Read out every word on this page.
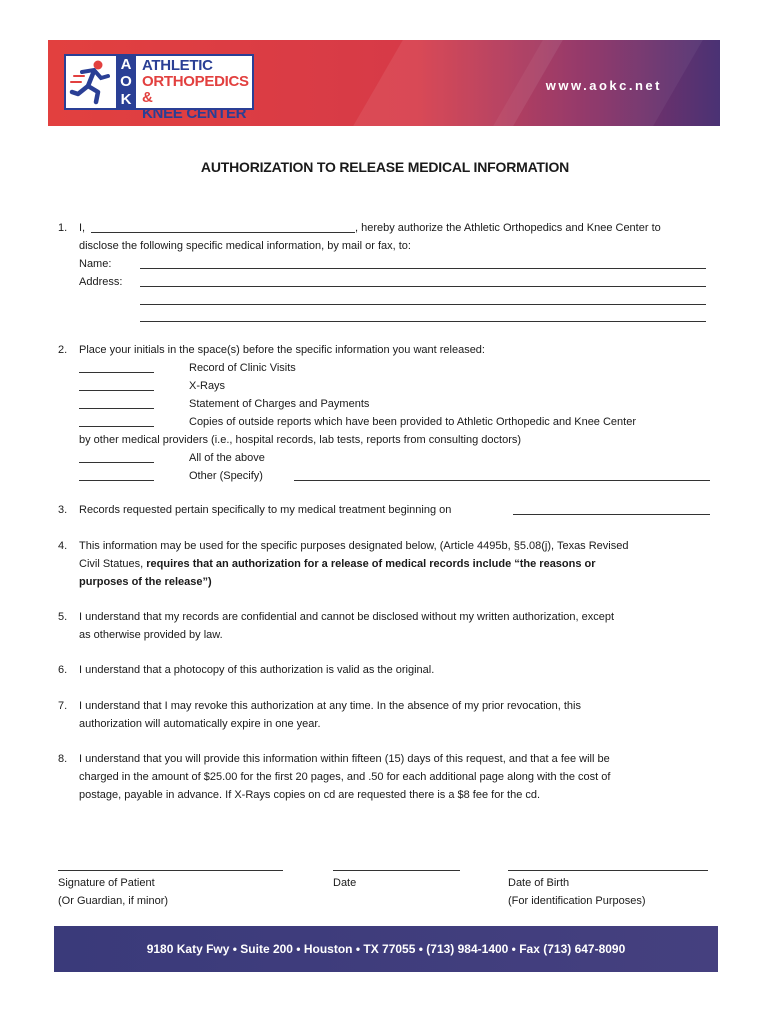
A
O
K
ATHLETIC
ORTHOPEDICS &
KNEE CENTER
www.aokc.net
AUTHORIZATION TO RELEASE MEDICAL INFORMATION
1. I,	, hereby authorize the Athletic Orthopedics and Knee Center to
disclose the following specific medical information, by mail or fax, to:
Name:
Address:
2. Place your initials in the space(s) before the specific information you want released:
Record of Clinic Visits
X-Rays
Statement of Charges and Payments
Copies of outside reports which have been provided to Athletic Orthopedic and Knee Center
by other medical providers (i.e., hospital records, lab tests, reports from consulting doctors)
All of the above
Other (Specify)
3. Records requested pertain specifically to my medical treatment beginning on
4. This information may be used for the specific purposes designated below, (Article 4495b, §5.08(j), Texas Revised
Civil Statues, requires that an authorization for a release of medical records include “the reasons or
purposes of the release”)
5. I understand that my records are confidential and cannot be disclosed without my written authorization, except
as otherwise provided by law.
6. I understand that a photocopy of this authorization is valid as the original.
7. I understand that I may revoke this authorization at any time. In the absence of my prior revocation, this
authorization will automatically expire in one year.
8. I understand that you will provide this information within fifteen (15) days of this request, and that a fee will be
charged in the amount of $25.00 for the first 20 pages, and .50 for each additional page along with the cost of
postage, payable in advance. If X-Rays copies on cd are requested there is a $8 fee for the cd.
Signature of Patient
(Or Guardian, if minor)
Date	Date of Birth
(For identification Purposes)
9180 Katy Fwy • Suite 200 • Houston • TX 77055 • (713) 984-1400 • Fax (713) 647-8090
